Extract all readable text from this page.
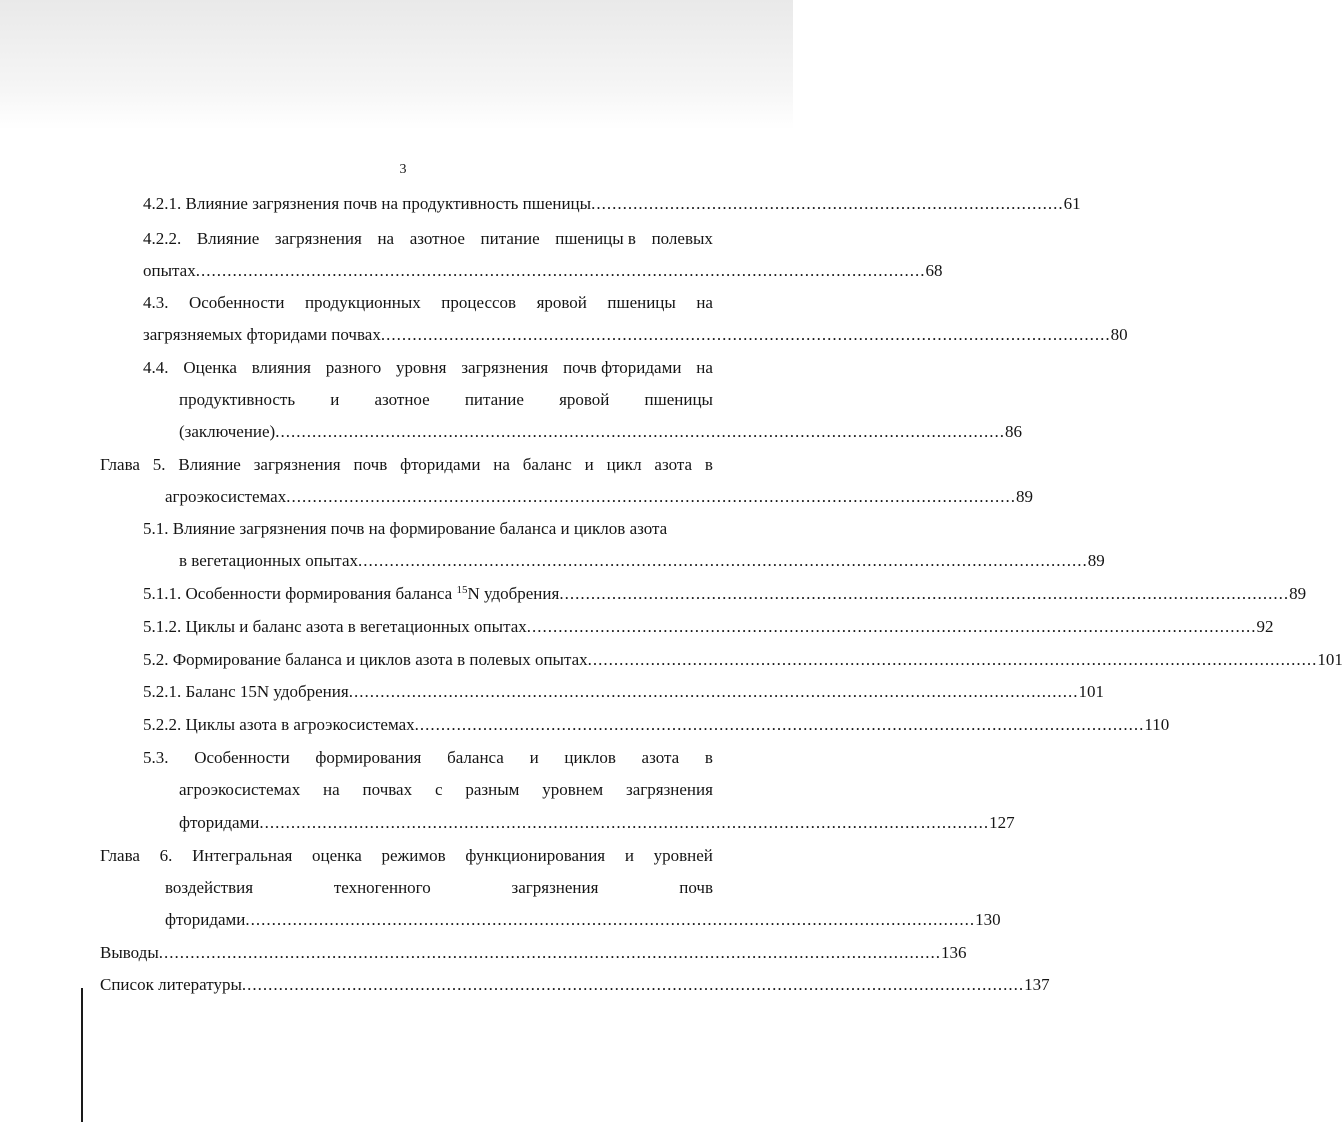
3
4.2.1. Влияние загрязнения почв на продуктивность пшеницы .......................................................................................... 61
4.2.2. Влияние загрязнения на азотное питание пшеницы в полевых
опытах ........................................................................................................................................... 68
4.3. Особенности продукционных процессов яровой пшеницы на
загрязняемых фторидами почвах ........................................................................................................................................... 80
4.4. Оценка влияния разного уровня загрязнения почв фторидами на
продуктивность и азотное питание яровой пшеницы
(заключение) ........................................................................................................................................... 86
Глава 5. Влияние загрязнения почв фторидами на баланс и цикл азота в
агроэкосистемах ........................................................................................................................................... 89
5.1. Влияние загрязнения почв на формирование баланса и циклов азота
в вегетационных опытах ........................................................................................................................................... 89
5.1.1. Особенности формирования баланса $^{15}$N удобрения ........................................................................................................................................... 89
5.1.2. Циклы и баланс азота в вегетационных опытах ........................................................................................................................................... 92
5.2. Формирование баланса и циклов азота в полевых опытах ........................................................................................................................................... 101
5.2.1. Баланс 15N удобрения ........................................................................................................................................... 101
5.2.2. Циклы азота в агроэкосистемах ........................................................................................................................................... 110
5.3. Особенности формирования баланса и циклов азота в
агроэкосистемах на почвах с разным уровнем загрязнения
фторидами ........................................................................................................................................... 127
Глава 6. Интегральная оценка режимов функционирования и уровней
воздействия	техногенного	загрязнения	почв
фторидами ........................................................................................................................................... 130
Выводы ..................................................................................................................................................... 136
Список литературы ..................................................................................................................................................... 137
